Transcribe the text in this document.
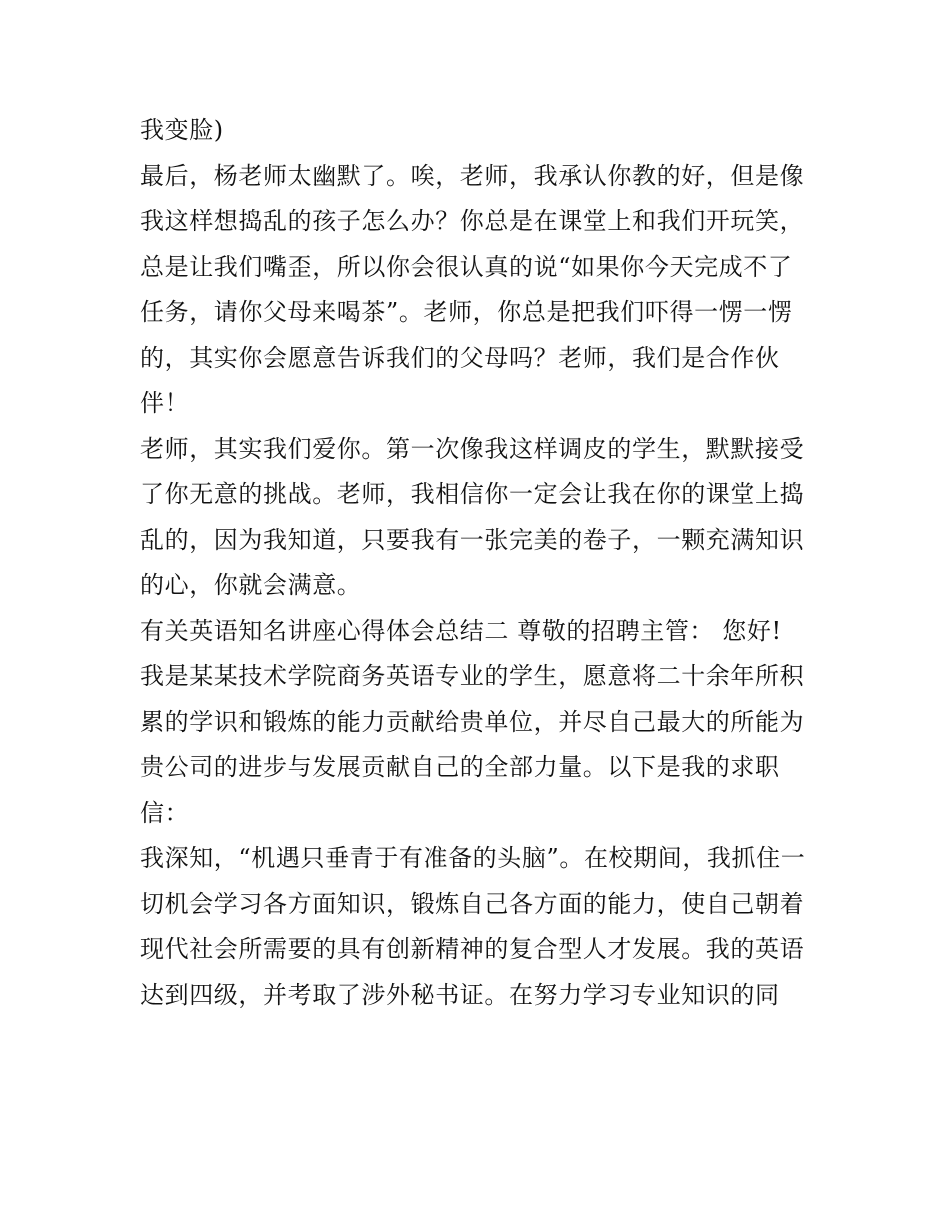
我变脸)
最后，杨老师太幽默了。唉，老师，我承认你教的好，但是像
我这样想捣乱的孩子怎么办？你总是在课堂上和我们开玩笑，
总是让我们嘴歪，所以你会很认真的说“如果你今天完成不了
任务，请你父母来喝茶”。老师，你总是把我们吓得一愣一愣
的，其实你会愿意告诉我们的父母吗？老师，我们是合作伙
伴！
老师，其实我们爱你。第一次像我这样调皮的学生，默默接受
了你无意的挑战。老师，我相信你一定会让我在你的课堂上捣
乱的，因为我知道，只要我有一张完美的卷子，一颗充满知识
的心，你就会满意。
有关英语知名讲座心得体会总结二 尊敬的招聘主管： 您好!
我是某某技术学院商务英语专业的学生，愿意将二十余年所积
累的学识和锻炼的能力贡献给贵单位，并尽自己最大的所能为
贵公司的进步与发展贡献自己的全部力量。以下是我的求职
信：
我深知，“机遇只垂青于有准备的头脑”。在校期间，我抓住一
切机会学习各方面知识，锻炼自己各方面的能力，使自己朝着
现代社会所需要的具有创新精神的复合型人才发展。我的英语
达到四级，并考取了涉外秘书证。在努力学习专业知识的同
